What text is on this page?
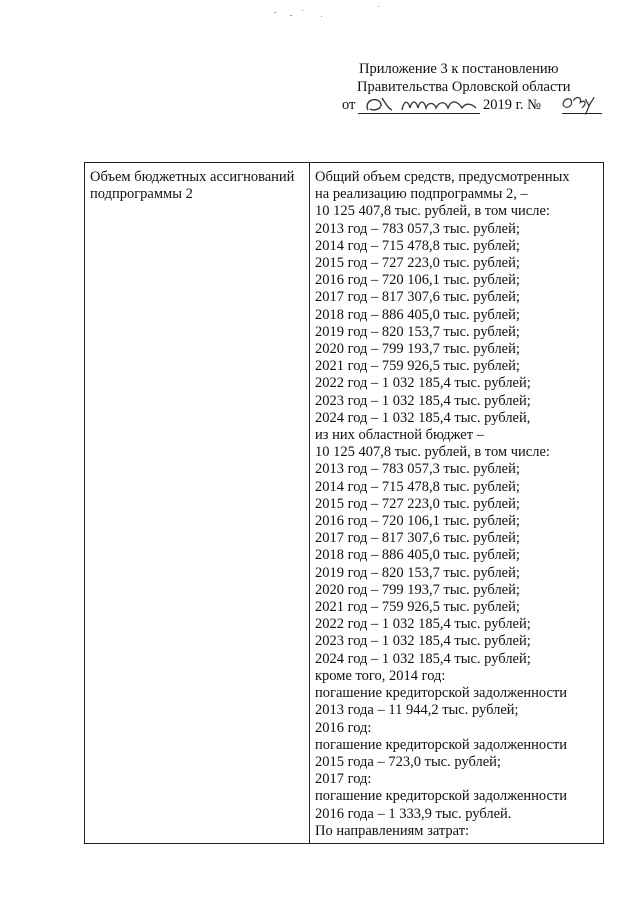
Приложение 3 к постановлению
Правительства Орловской области
от	2019 г. №
Объем бюджетных ассигнований подпрограммы 2
Общий объем средств, предусмотренных
на реализацию подпрограммы 2, –
10 125 407,8 тыс. рублей, в том числе:
2013 год – 783 057,3 тыс. рублей;
2014 год – 715 478,8 тыс. рублей;
2015 год – 727 223,0 тыс. рублей;
2016 год – 720 106,1 тыс. рублей;
2017 год – 817 307,6 тыс. рублей;
2018 год – 886 405,0 тыс. рублей;
2019 год – 820 153,7 тыс. рублей;
2020 год – 799 193,7 тыс. рублей;
2021 год – 759 926,5 тыс. рублей;
2022 год – 1 032 185,4 тыс. рублей;
2023 год – 1 032 185,4 тыс. рублей;
2024 год – 1 032 185,4 тыс. рублей,
из них областной бюджет –
10 125 407,8 тыс. рублей, в том числе:
2013 год – 783 057,3 тыс. рублей;
2014 год – 715 478,8 тыс. рублей;
2015 год – 727 223,0 тыс. рублей;
2016 год – 720 106,1 тыс. рублей;
2017 год – 817 307,6 тыс. рублей;
2018 год – 886 405,0 тыс. рублей;
2019 год – 820 153,7 тыс. рублей;
2020 год – 799 193,7 тыс. рублей;
2021 год – 759 926,5 тыс. рублей;
2022 год – 1 032 185,4 тыс. рублей;
2023 год – 1 032 185,4 тыс. рублей;
2024 год – 1 032 185,4 тыс. рублей;
кроме того, 2014 год:
погашение кредиторской задолженности
2013 года – 11 944,2 тыс. рублей;
2016 год:
погашение кредиторской задолженности
2015 года – 723,0 тыс. рублей;
2017 год:
погашение кредиторской задолженности
2016 года – 1 333,9 тыс. рублей.
По направлениям затрат:
